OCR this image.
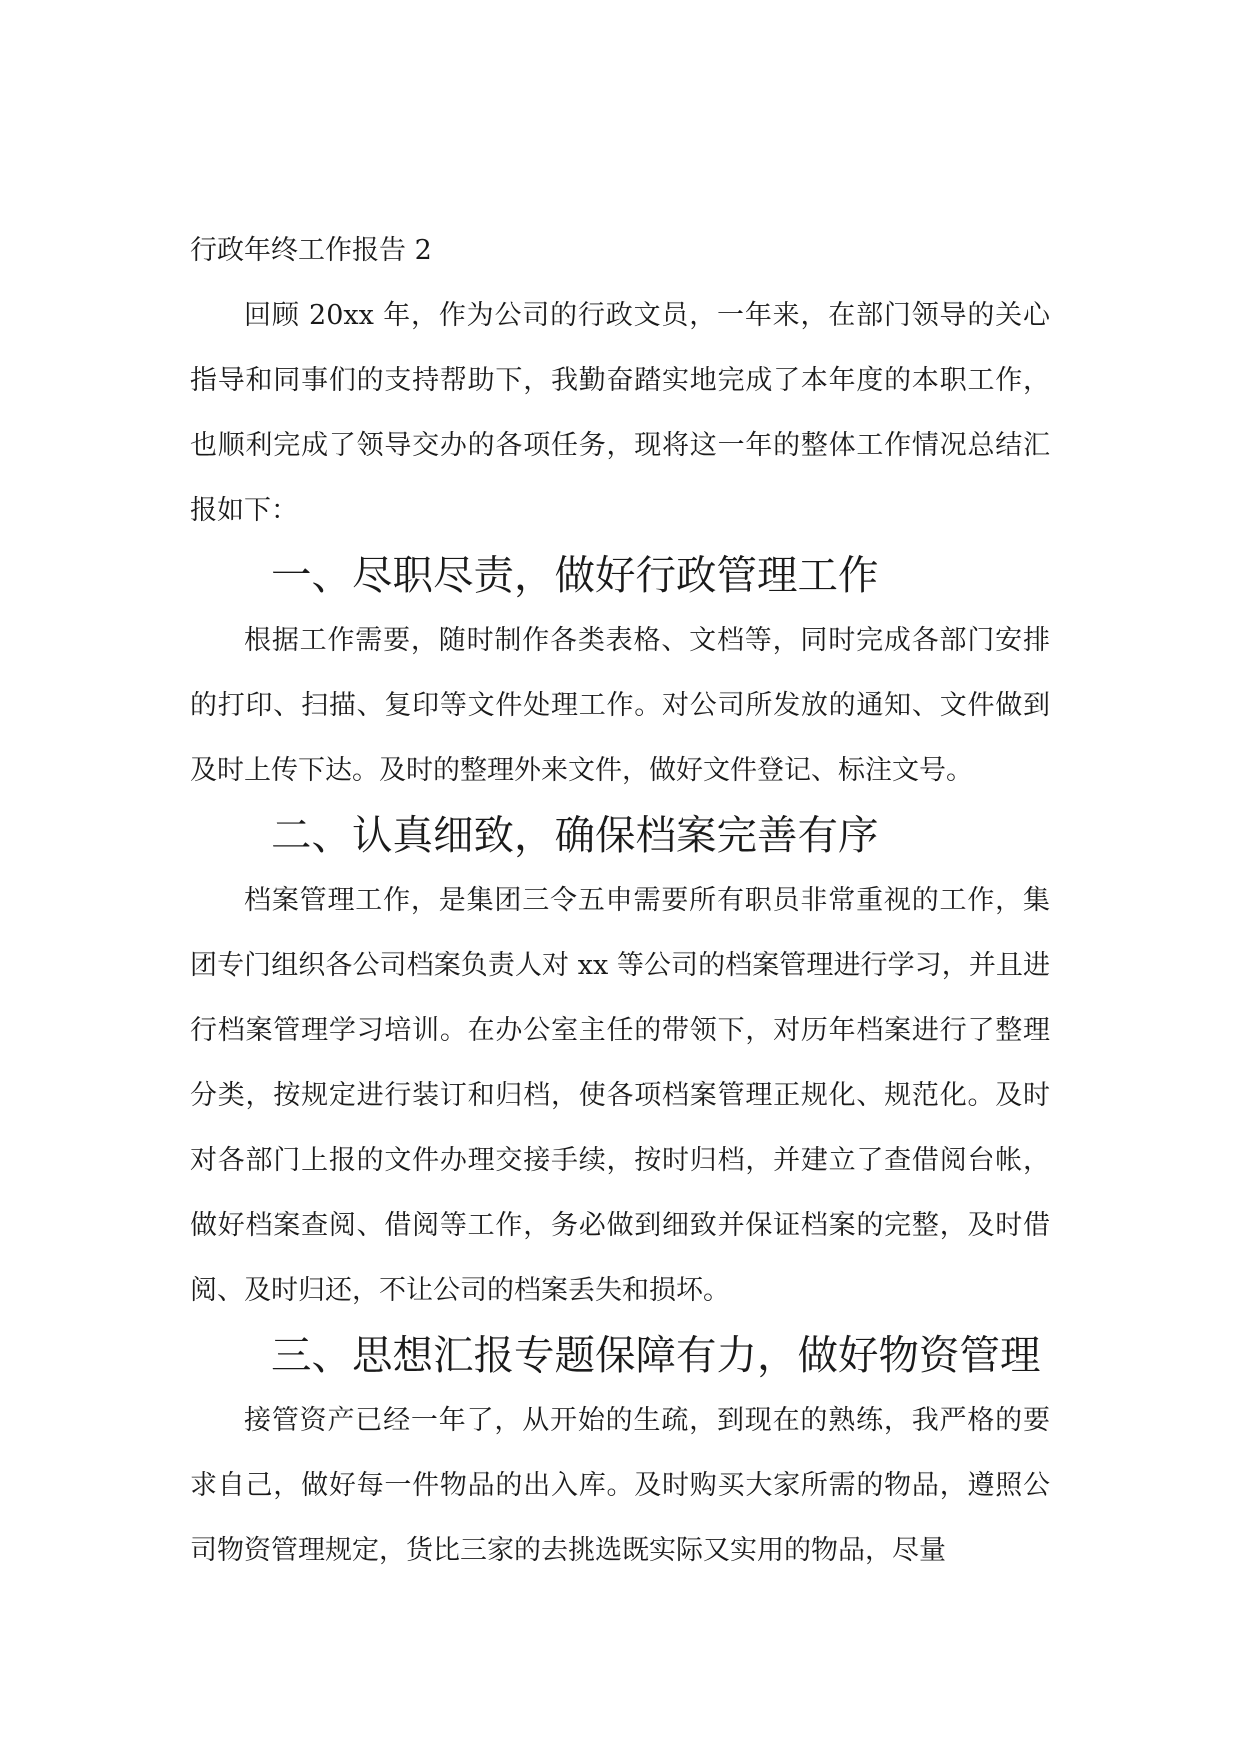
行政年终工作报告 2

回顾 20xx 年，作为公司的行政文员，一年来，在部门领导的关心指导和同事们的支持帮助下，我勤奋踏实地完成了本年度的本职工作，也顺利完成了领导交办的各项任务，现将这一年的整体工作情况总结汇报如下：

一、尽职尽责，做好行政管理工作

根据工作需要，随时制作各类表格、文档等，同时完成各部门安排的打印、扫描、复印等文件处理工作。对公司所发放的通知、文件做到及时上传下达。及时的整理外来文件，做好文件登记、标注文号。

二、认真细致，确保档案完善有序

档案管理工作，是集团三令五申需要所有职员非常重视的工作，集团专门组织各公司档案负责人对 xx 等公司的档案管理进行学习，并且进行档案管理学习培训。在办公室主任的带领下，对历年档案进行了整理分类，按规定进行装订和归档，使各项档案管理正规化、规范化。及时对各部门上报的文件办理交接手续，按时归档，并建立了查借阅台帐，做好档案查阅、借阅等工作，务必做到细致并保证档案的完整，及时借阅、及时归还，不让公司的档案丢失和损坏。

三、思想汇报专题保障有力，做好物资管理

接管资产已经一年了，从开始的生疏，到现在的熟练，我严格的要求自己，做好每一件物品的出入库。及时购买大家所需的物品，遵照公司物资管理规定，货比三家的去挑选既实际又实用的物品，尽量
